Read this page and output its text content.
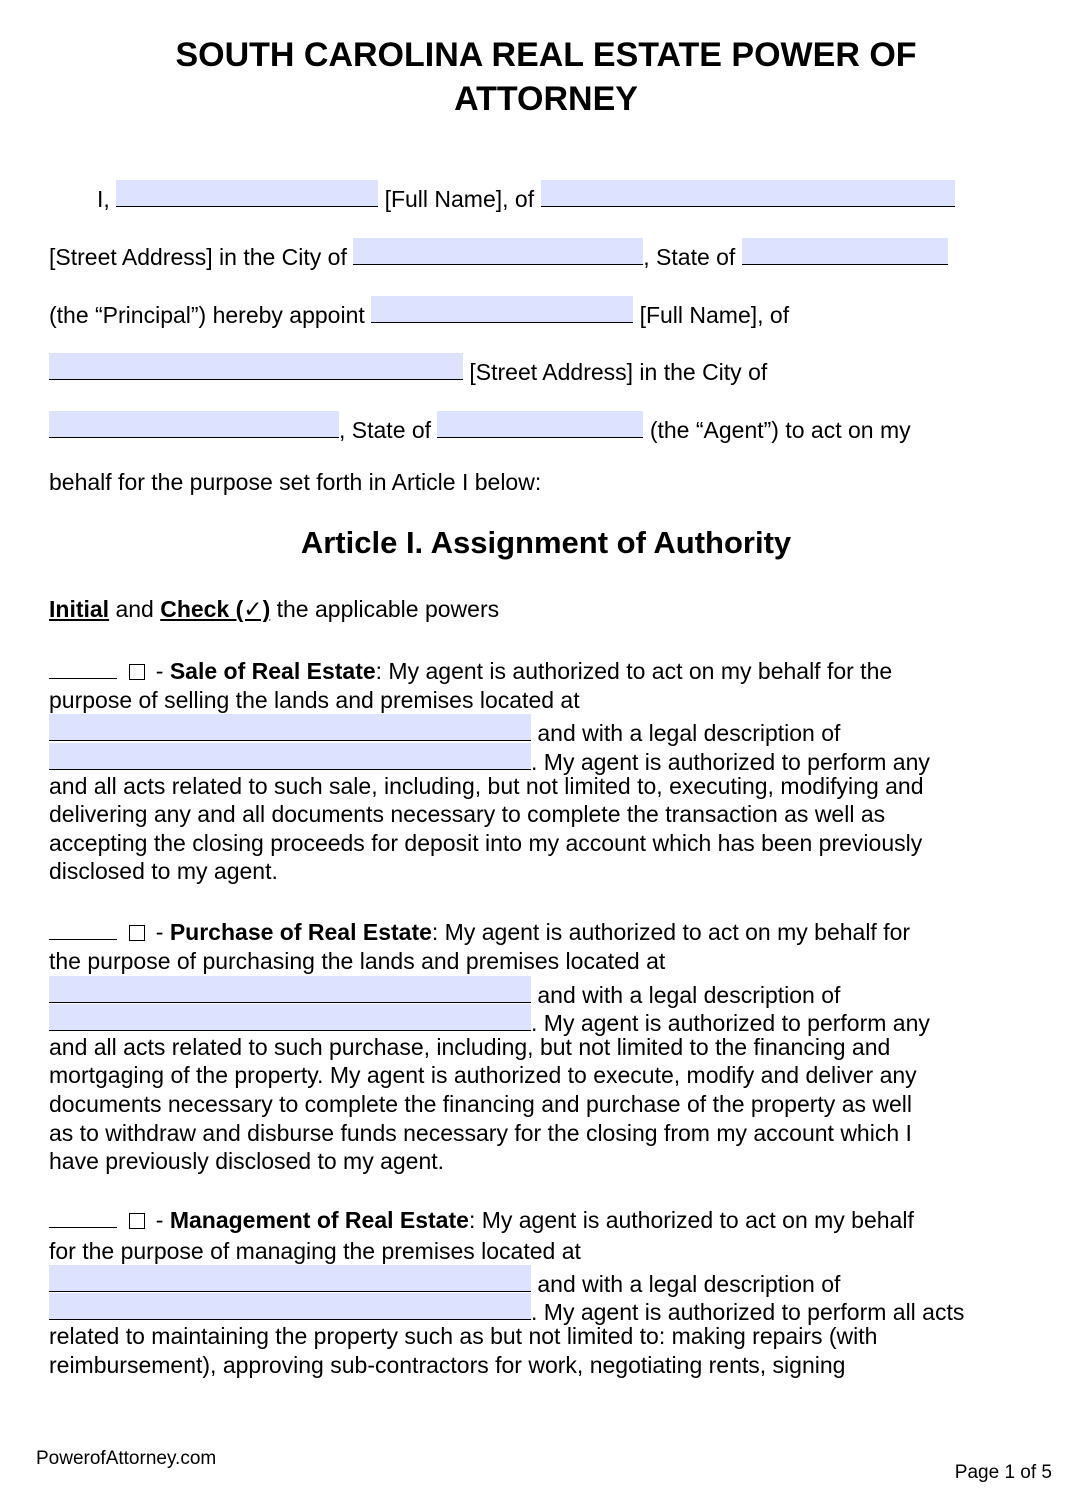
SOUTH CAROLINA REAL ESTATE POWER OF
ATTORNEY
I,	[Full Name], of
[Street Address] in the City of	, State of
(the “Principal”) hereby appoint	[Full Name], of
[Street Address] in the City of
, State of	(the “Agent”) to act on my
behalf for the purpose set forth in Article I below:
Article I. Assignment of Authority
Initial and Check (✓) the applicable powers
- Sale of Real Estate: My agent is authorized to act on my behalf for the
purpose of selling the lands and premises located at
and with a legal description of
. My agent is authorized to perform any
and all acts related to such sale, including, but not limited to, executing, modifying and
delivering any and all documents necessary to complete the transaction as well as
accepting the closing proceeds for deposit into my account which has been previously
disclosed to my agent.
- Purchase of Real Estate: My agent is authorized to act on my behalf for
the purpose of purchasing the lands and premises located at
and with a legal description of
. My agent is authorized to perform any
and all acts related to such purchase, including, but not limited to the financing and
mortgaging of the property. My agent is authorized to execute, modify and deliver any
documents necessary to complete the financing and purchase of the property as well
as to withdraw and disburse funds necessary for the closing from my account which I
have previously disclosed to my agent.
- Management of Real Estate: My agent is authorized to act on my behalf
for the purpose of managing the premises located at
and with a legal description of
. My agent is authorized to perform all acts
related to maintaining the property such as but not limited to: making repairs (with
reimbursement), approving sub-contractors for work, negotiating rents, signing
PowerofAttorney.com
Page 1 of 5
